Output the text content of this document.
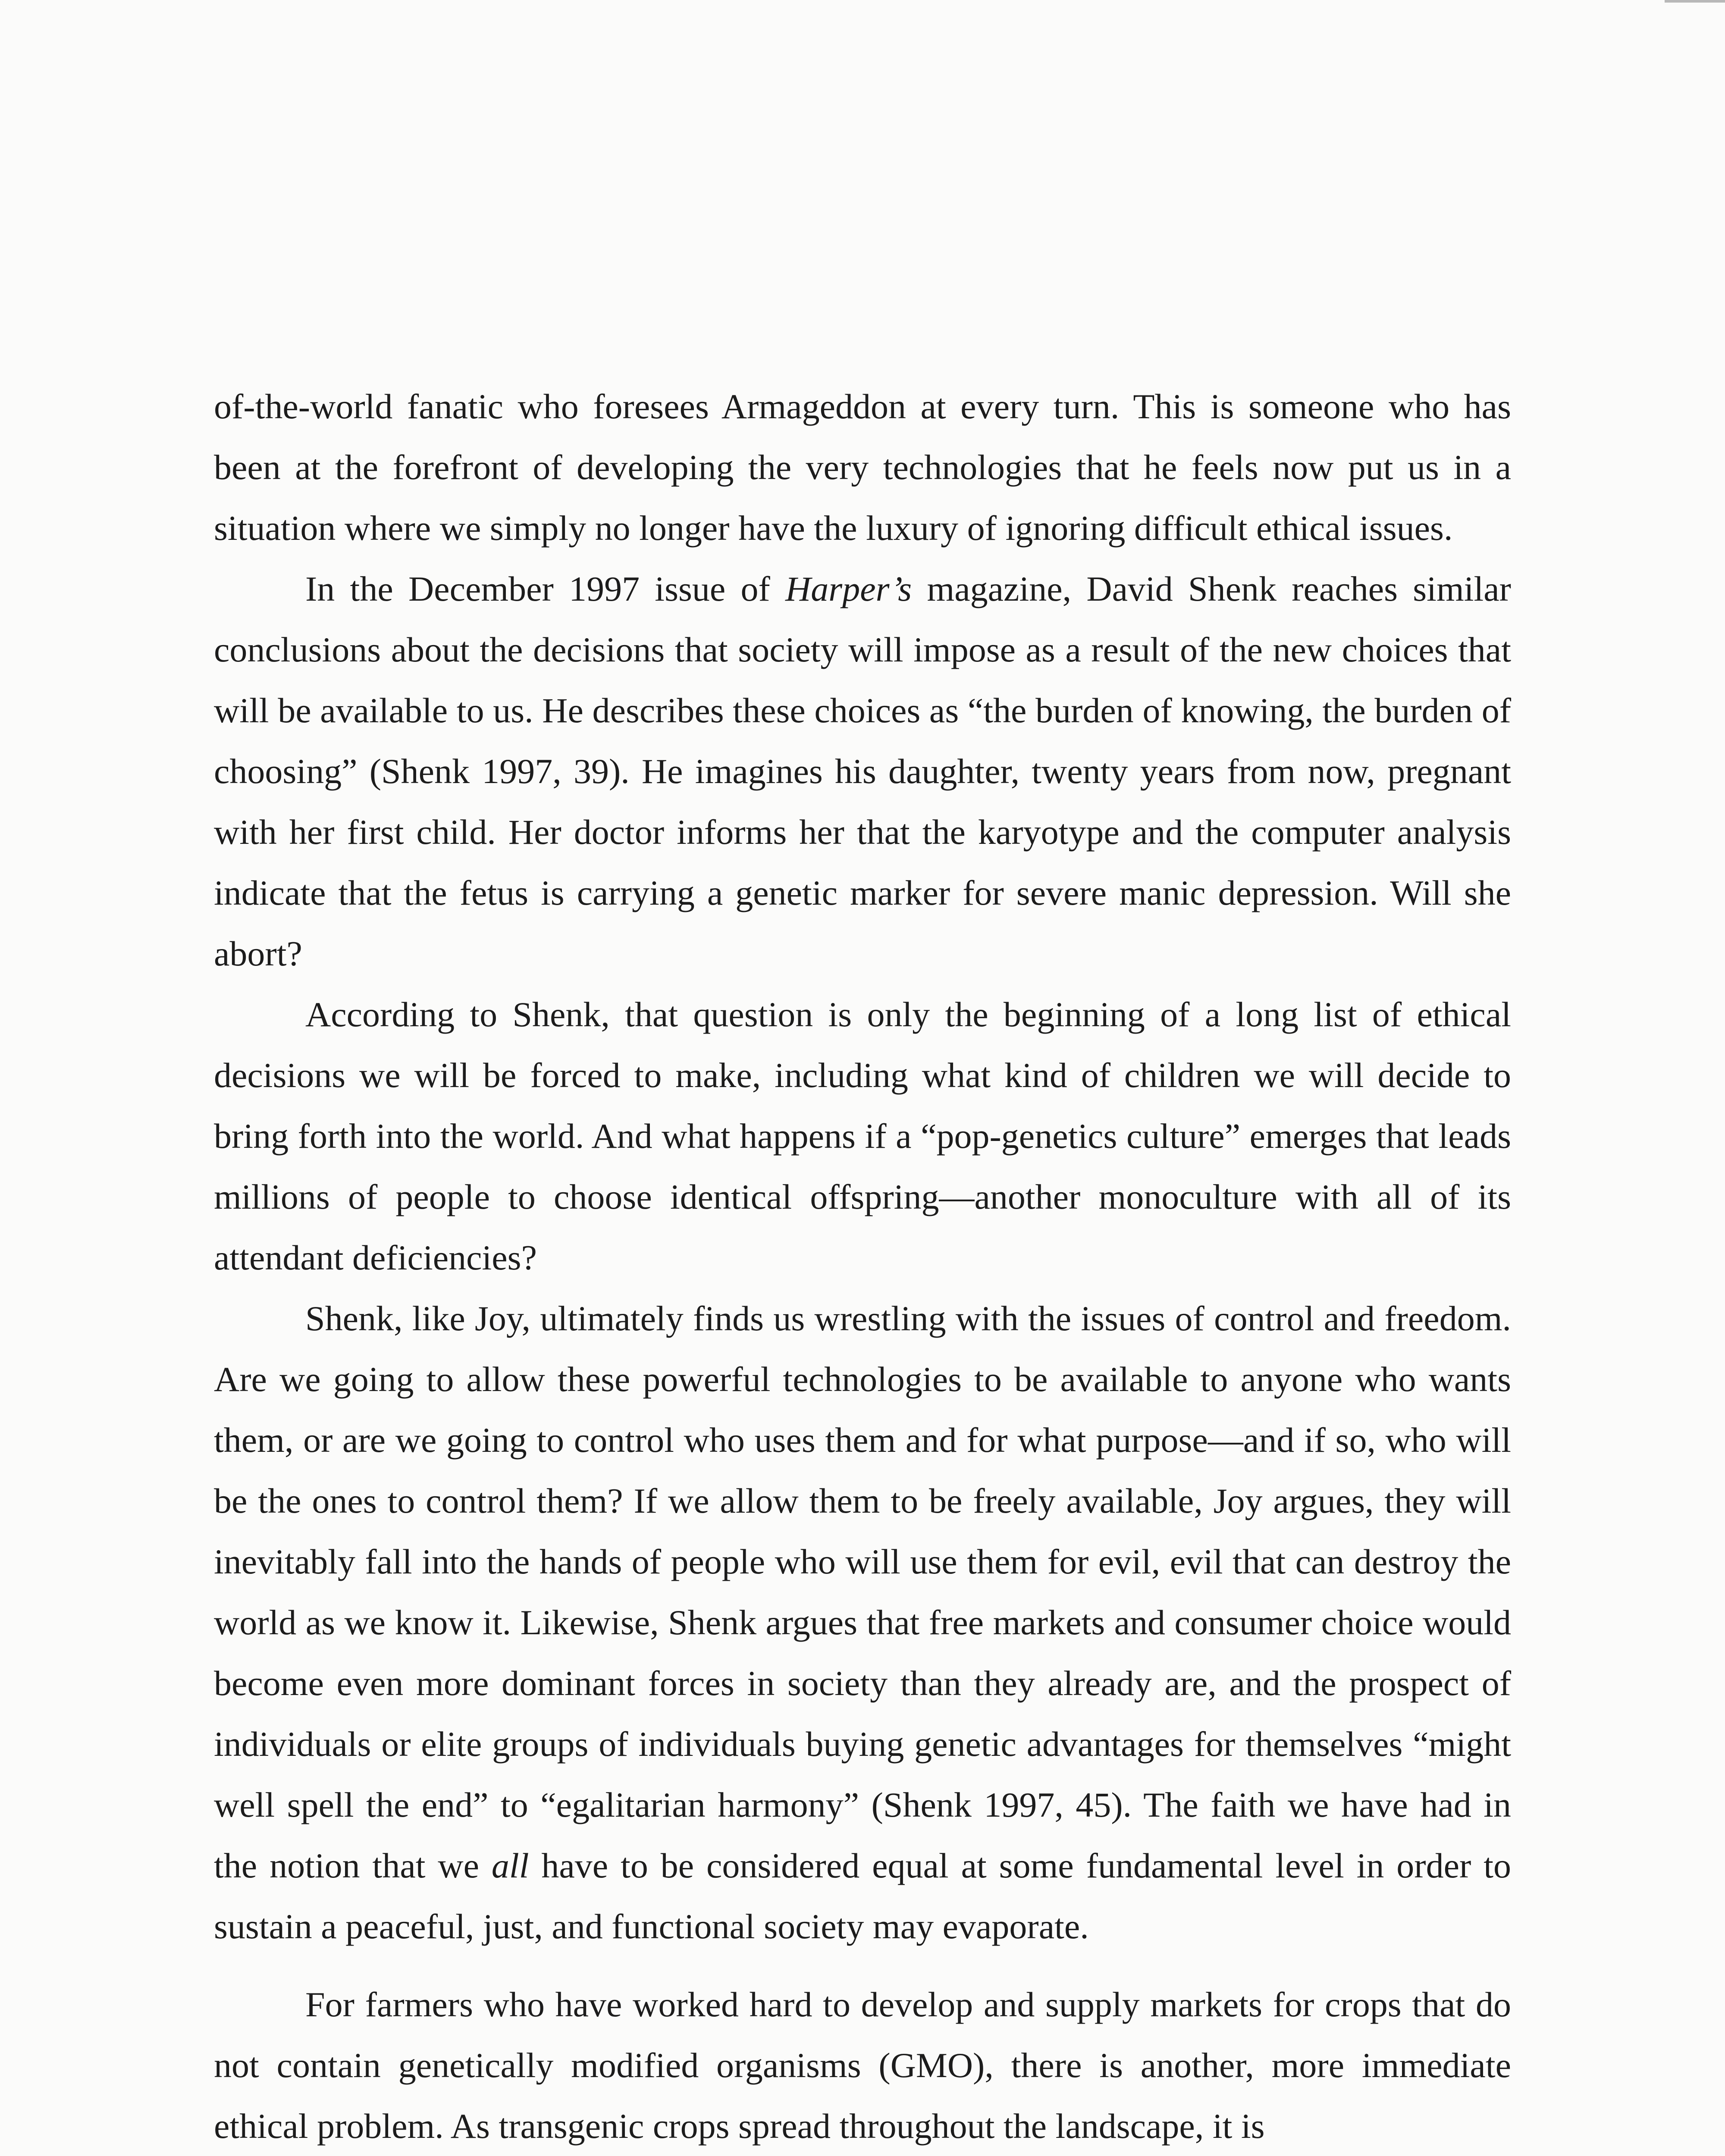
of-the-world fanatic who foresees Armageddon at every turn. This is someone who has been at the forefront of developing the very technologies that he feels now put us in a situation where we simply no longer have the luxury of ignoring difficult ethical issues.

In the December 1997 issue of Harper’s magazine, David Shenk reaches similar conclusions about the decisions that society will impose as a result of the new choices that will be available to us. He describes these choices as “the burden of knowing, the burden of choosing” (Shenk 1997, 39). He imagines his daughter, twenty years from now, pregnant with her first child. Her doctor informs her that the karyotype and the computer analysis indicate that the fetus is carrying a genetic marker for severe manic depression. Will she abort?

According to Shenk, that question is only the beginning of a long list of ethical decisions we will be forced to make, including what kind of children we will decide to bring forth into the world. And what happens if a “pop-genetics culture” emerges that leads millions of people to choose identical offspring—another monoculture with all of its attendant deficiencies?

Shenk, like Joy, ultimately finds us wrestling with the issues of control and freedom. Are we going to allow these powerful technologies to be available to anyone who wants them, or are we going to control who uses them and for what purpose—and if so, who will be the ones to control them? If we allow them to be freely available, Joy argues, they will inevitably fall into the hands of people who will use them for evil, evil that can destroy the world as we know it. Likewise, Shenk argues that free markets and consumer choice would become even more dominant forces in society than they already are, and the prospect of individuals or elite groups of individuals buying genetic advantages for themselves “might well spell the end” to “egalitarian harmony” (Shenk 1997, 45). The faith we have had in the notion that we all have to be considered equal at some fundamental level in order to sustain a peaceful, just, and functional society may evaporate.

For farmers who have worked hard to develop and supply markets for crops that do not contain genetically modified organisms (GMO), there is another, more immediate ethical problem. As transgenic crops spread throughout the landscape, it is
